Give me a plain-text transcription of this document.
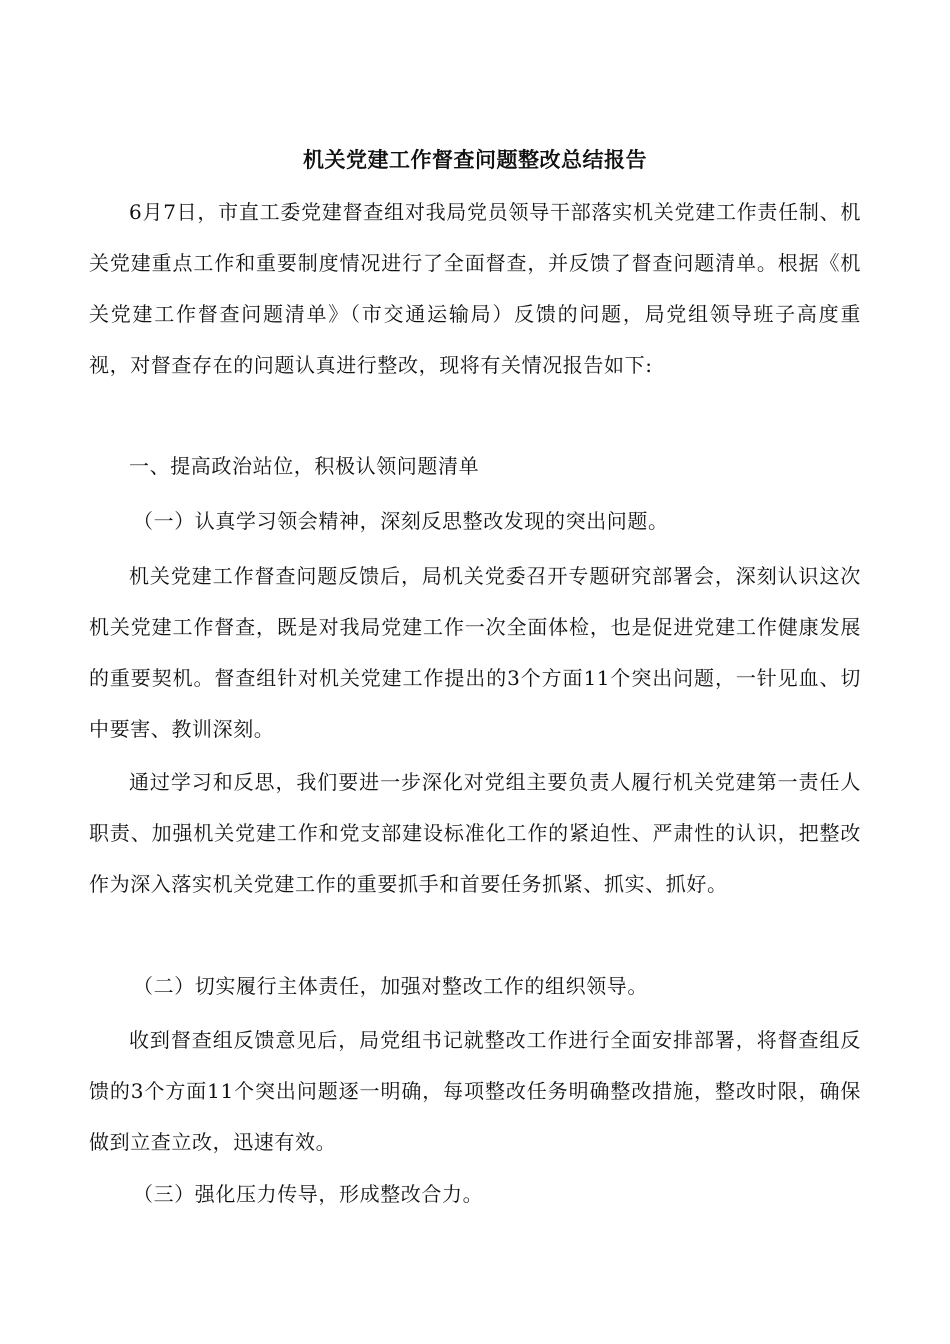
机关党建工作督查问题整改总结报告

6月7日，市直工委党建督查组对我局党员领导干部落实机关党建工作责任制、机关党建重点工作和重要制度情况进行了全面督查，并反馈了督查问题清单。根据《机关党建工作督查问题清单》（市交通运输局）反馈的问题，局党组领导班子高度重视，对督查存在的问题认真进行整改，现将有关情况报告如下:

一、提高政治站位，积极认领问题清单

（一）认真学习领会精神，深刻反思整改发现的突出问题。

机关党建工作督查问题反馈后，局机关党委召开专题研究部署会，深刻认识这次机关党建工作督查，既是对我局党建工作一次全面体检，也是促进党建工作健康发展的重要契机。督查组针对机关党建工作提出的3个方面11个突出问题，一针见血、切中要害、教训深刻。

通过学习和反思，我们要进一步深化对党组主要负责人履行机关党建第一责任人职责、加强机关党建工作和党支部建设标准化工作的紧迫性、严肃性的认识，把整改作为深入落实机关党建工作的重要抓手和首要任务抓紧、抓实、抓好。

（二）切实履行主体责任，加强对整改工作的组织领导。

收到督查组反馈意见后，局党组书记就整改工作进行全面安排部署，将督查组反馈的3个方面11个突出问题逐一明确，每项整改任务明确整改措施，整改时限，确保做到立查立改，迅速有效。

（三）强化压力传导，形成整改合力。
